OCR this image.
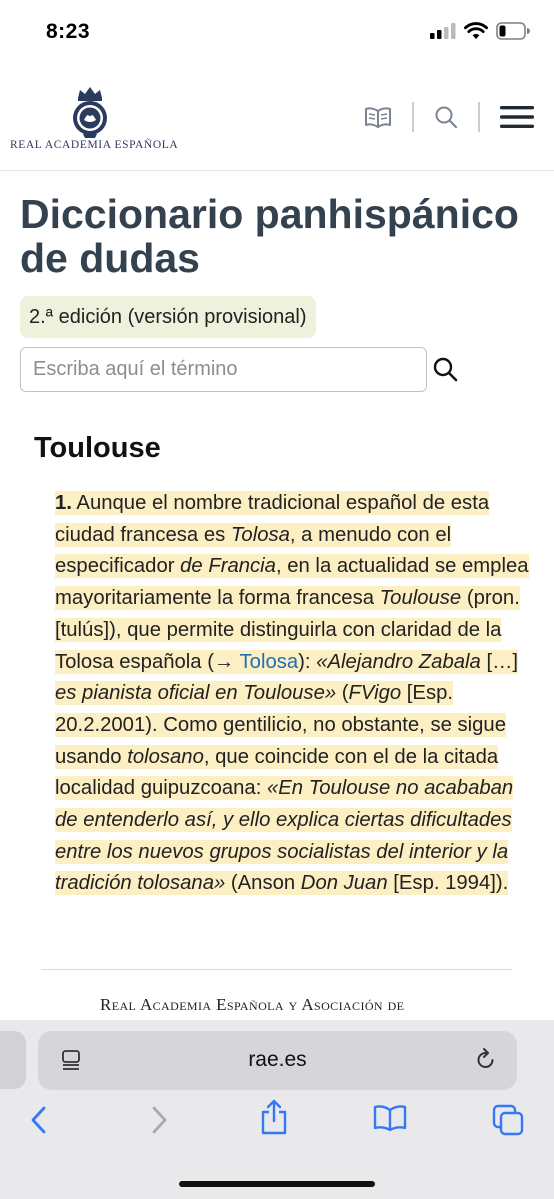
8:23
REAL ACADEMIA ESPAÑOLA
Diccionario panhispánico de dudas
2.ª edición (versión provisional)
Escriba aquí el término
Toulouse
1. Aunque el nombre tradicional español de esta ciudad francesa es Tolosa, a menudo con el especificador de Francia, en la actualidad se emplea mayoritariamente la forma francesa Toulouse (pron. [tulús]), que permite distinguirla con claridad de la Tolosa española (→ Tolosa): «Alejandro Zabala […] es pianista oficial en Toulouse» (FVigo [Esp. 20.2.2001). Como gentilicio, no obstante, se sigue usando tolosano, que coincide con el de la citada localidad guipuzcoana: «En Toulouse no acababan de entenderlo así, y ello explica ciertas dificultades entre los nuevos grupos socialistas del interior y la tradición tolosana» (Anson Don Juan [Esp. 1994]).
Real Academia Española y Asociación de
rae.es
